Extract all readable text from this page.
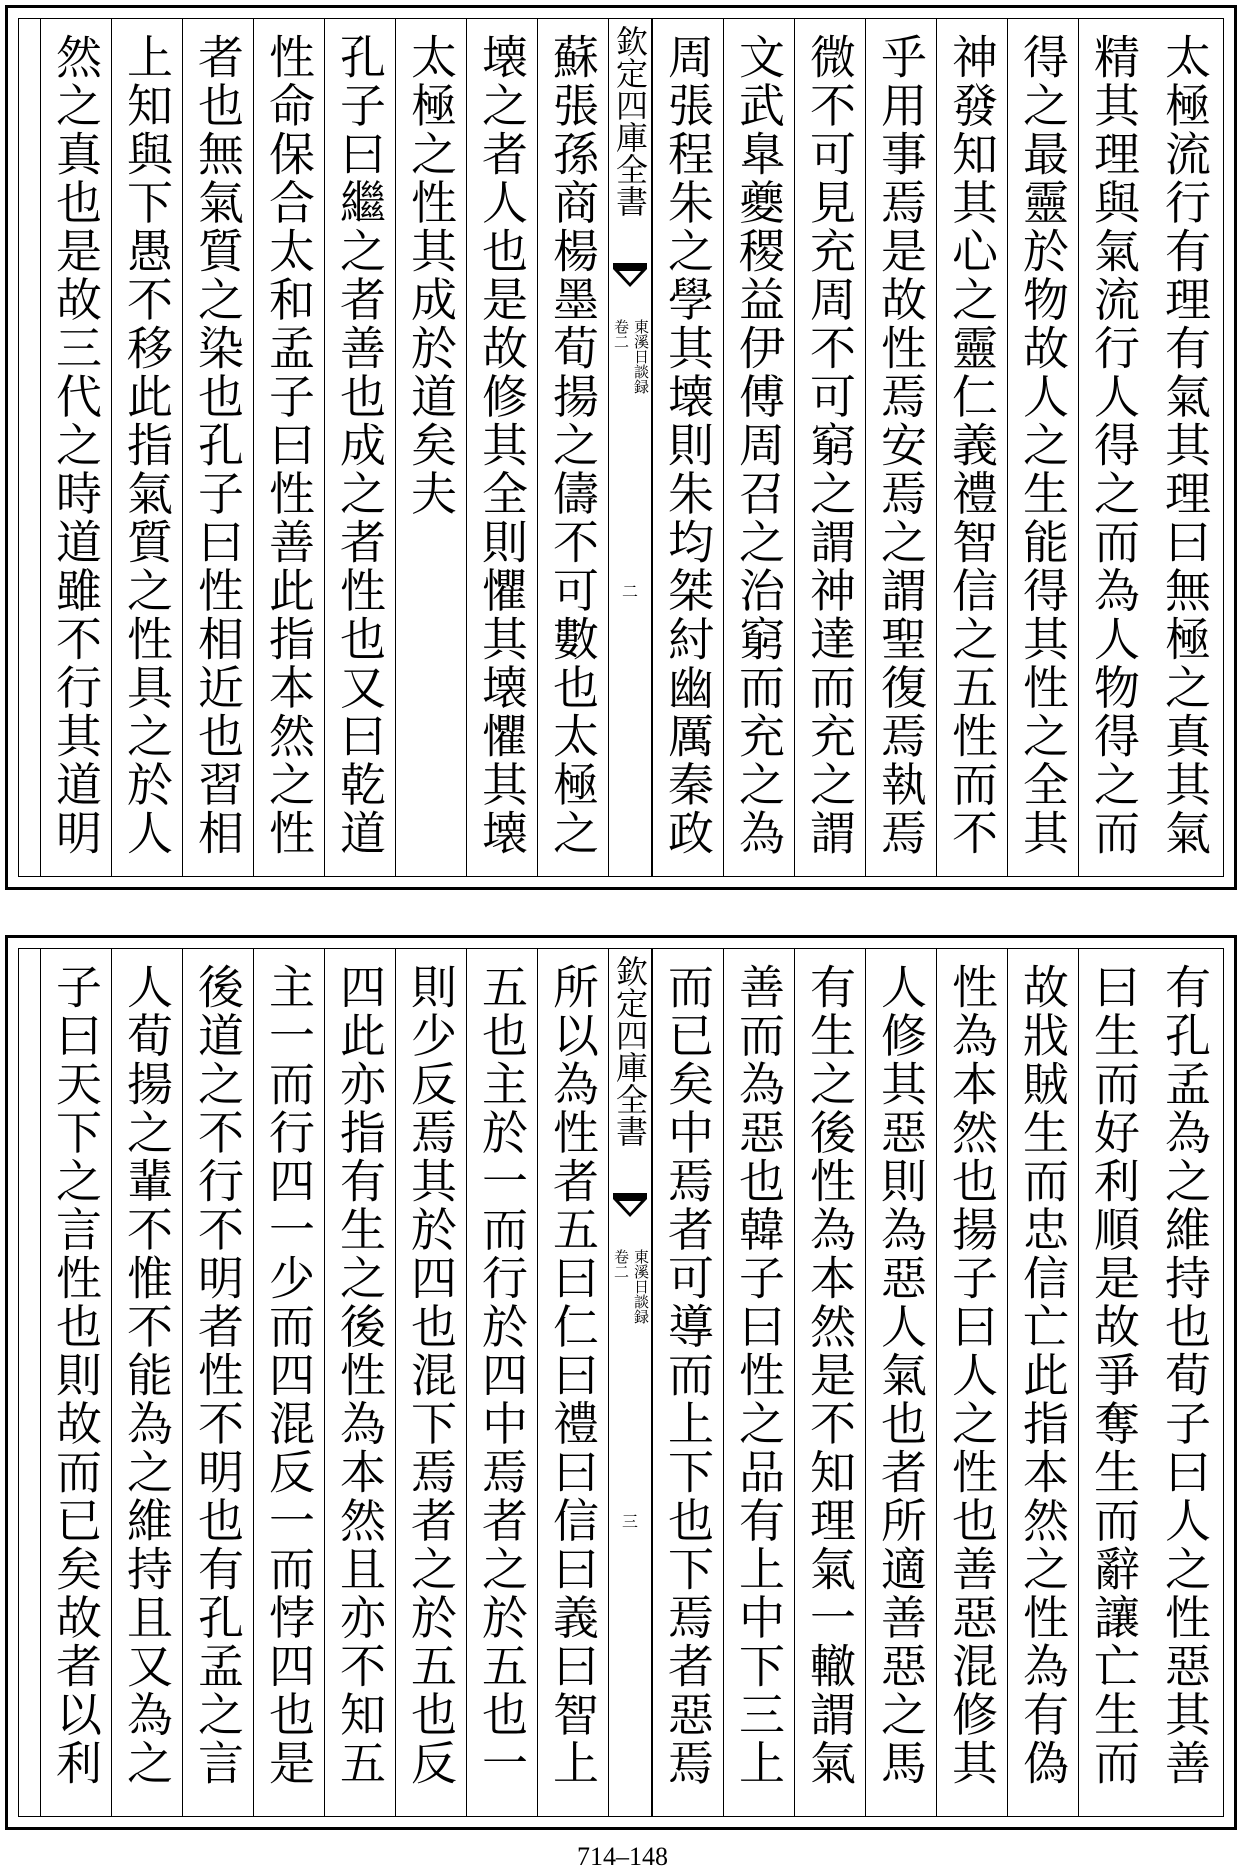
太極流行有理有氣其理曰無極之真其氣
精其理與氣流行人得之而為人物得之而
得之最靈於物故人之生能得其性之全其
神發知其心之靈仁義禮智信之五性而不
乎用事焉是故性焉安焉之謂聖復焉執焉
微不可見充周不可窮之謂神達而充之謂
文武臯夔稷益伊傅周召之治窮而充之為
周張程朱之學其壊則朱均桀紂幽厲秦政
欽定四庫全書
東溪日談録
卷二
二
蘇張孫商楊墨荀揚之儔不可數也太極之
壊之者人也是故修其全則懼其壊懼其壊
太極之性其成於道矣夫
孔子曰繼之者善也成之者性也又曰乾道
性命保合太和孟子曰性善此指本然之性
者也無氣質之染也孔子曰性相近也習相
上知與下愚不移此指氣質之性具之於人
然之真也是故三代之時道雖不行其道明
有孔孟為之維持也荀子曰人之性惡其善
曰生而好利順是故爭奪生而辭讓亡生而
故戕賊生而忠信亡此指本然之性為有偽
性為本然也揚子曰人之性也善惡混修其
人修其惡則為惡人氣也者所適善惡之馬
有生之後性為本然是不知理氣一轍謂氣
善而為惡也韓子曰性之品有上中下三上
而已矣中焉者可導而上下也下焉者惡焉
欽定四庫全書
東溪日談録
卷二
三
所以為性者五曰仁曰禮曰信曰義曰智上
五也主於一而行於四中焉者之於五也一
則少反焉其於四也混下焉者之於五也反
四此亦指有生之後性為本然且亦不知五
主一而行四一少而四混反一而悖四也是
後道之不行不明者性不明也有孔孟之言
人荀揚之輩不惟不能為之維持且又為之
子曰天下之言性也則故而已矣故者以利
714–148
